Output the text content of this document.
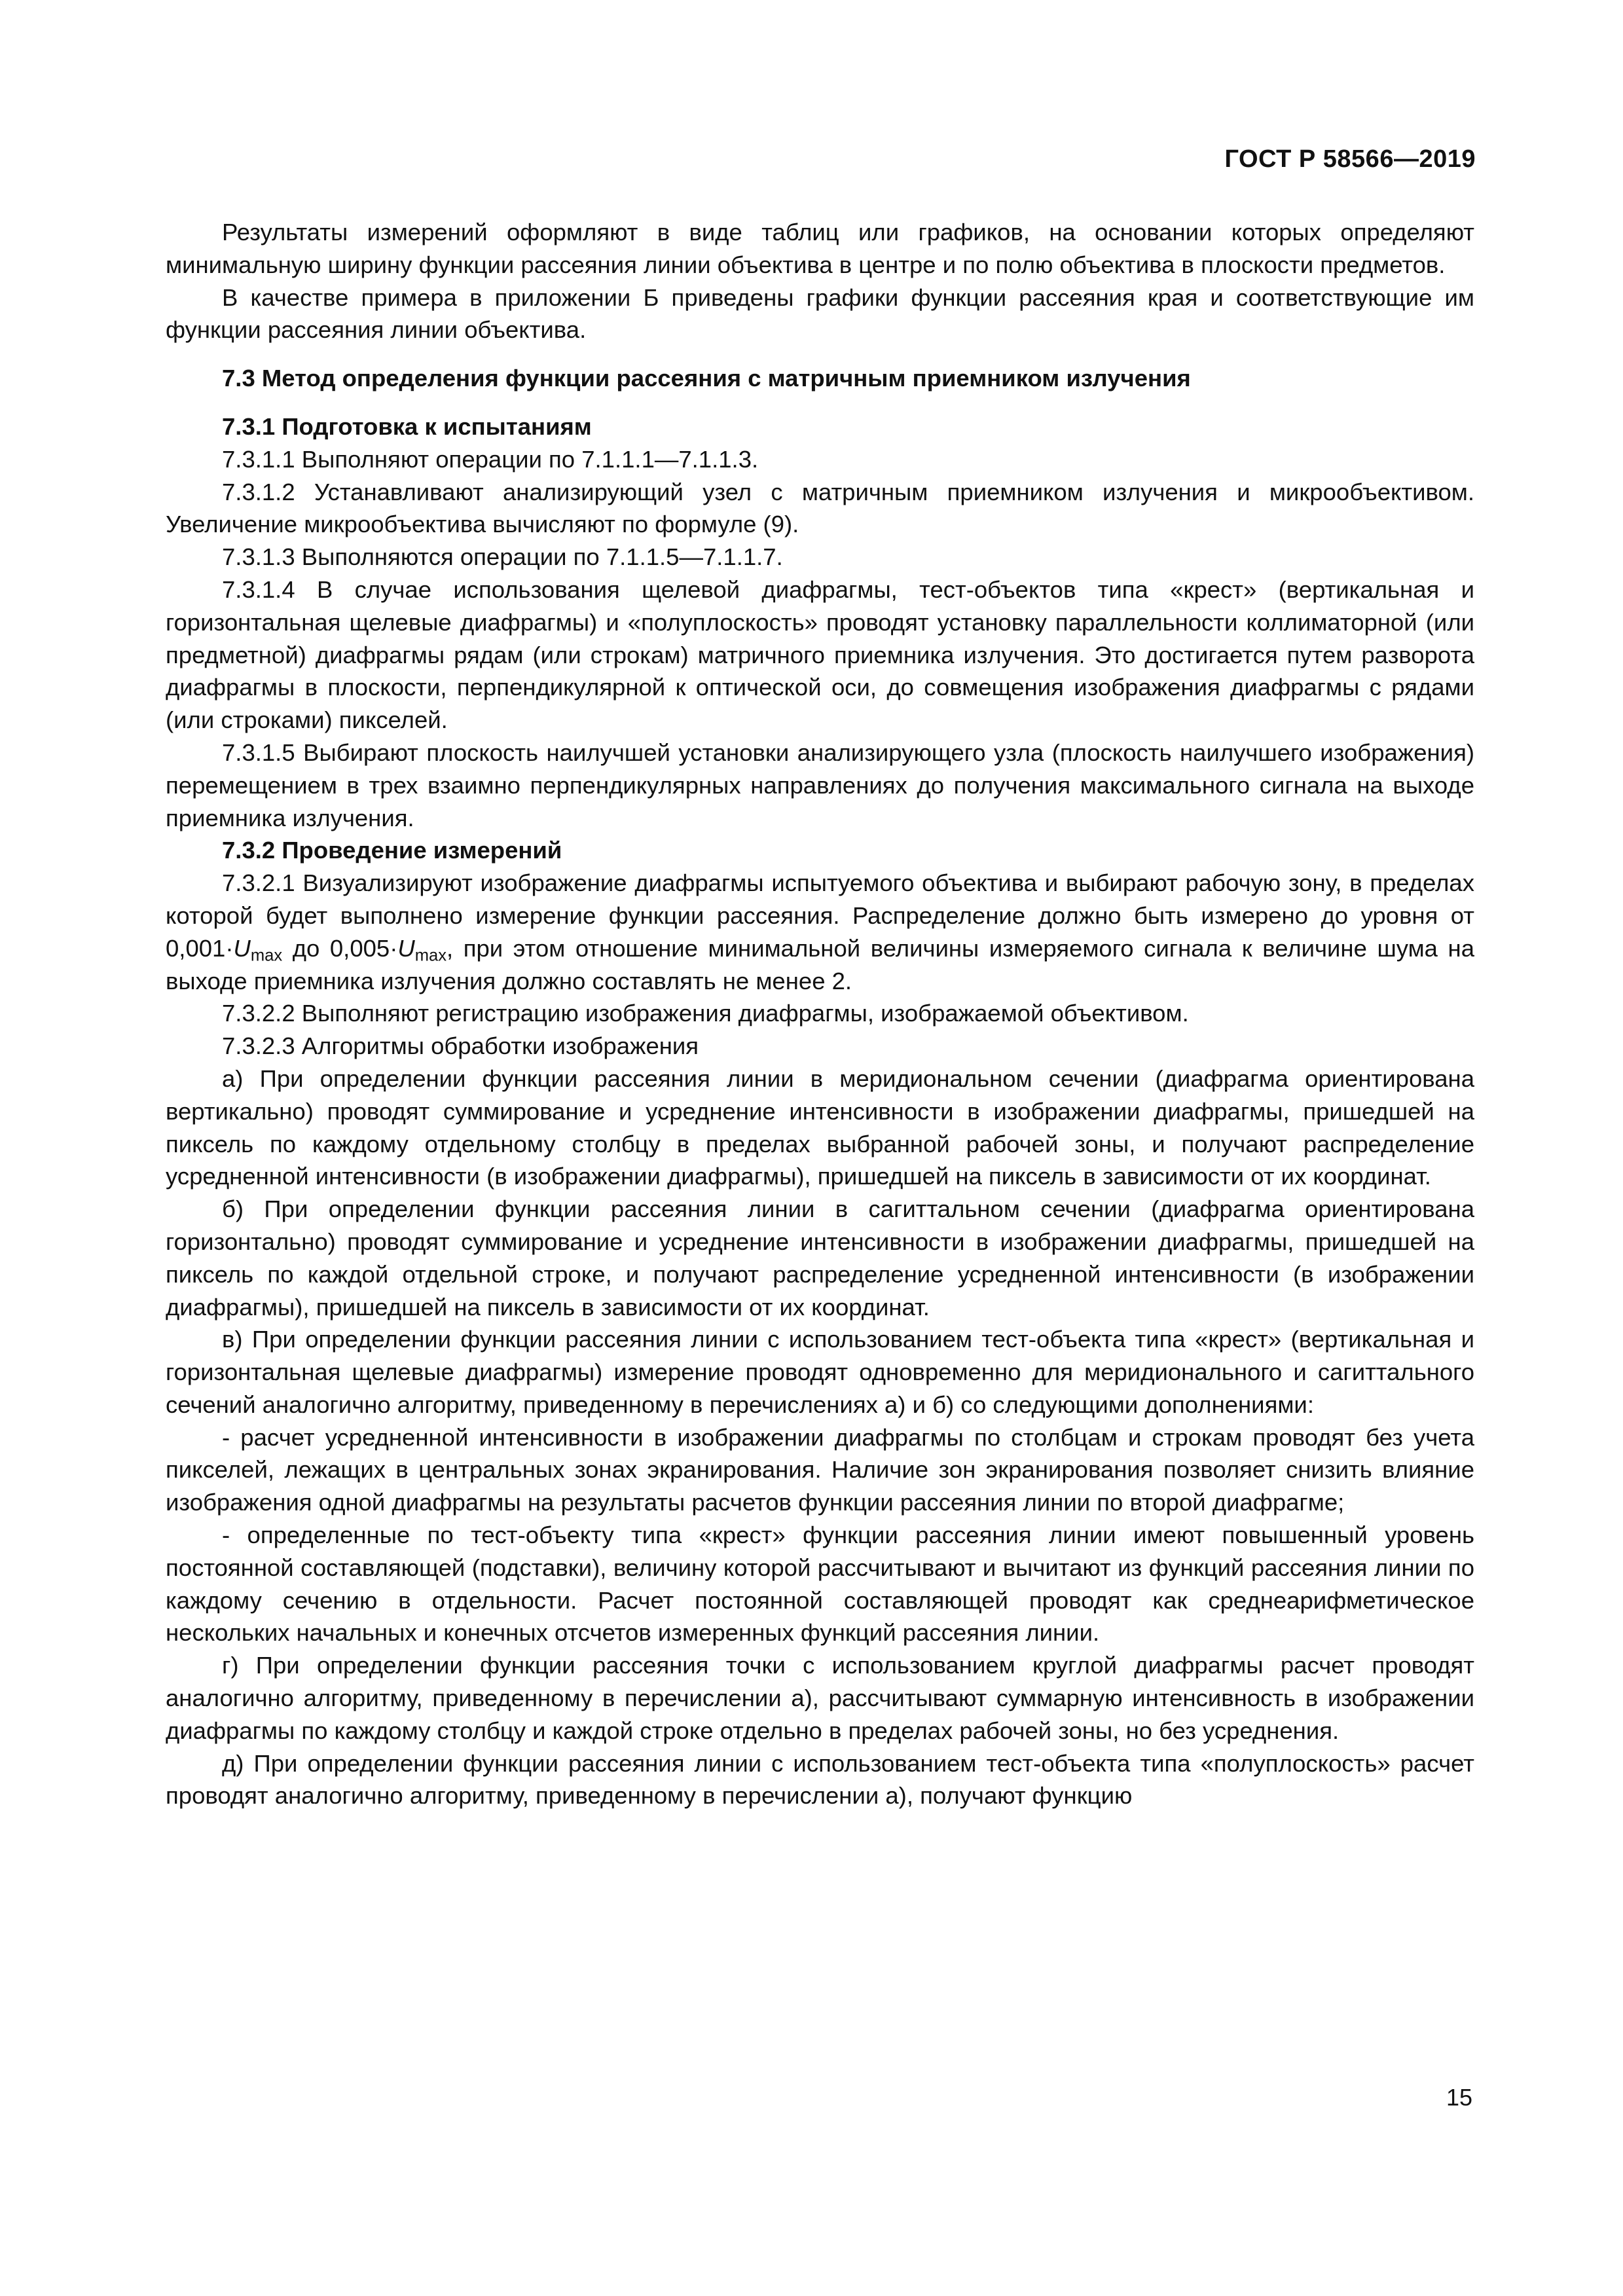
ГОСТ Р 58566—2019

Результаты измерений оформляют в виде таблиц или графиков, на основании которых определяют минимальную ширину функции рассеяния линии объектива в центре и по полю объектива в плоскости предметов.

В качестве примера в приложении Б приведены графики функции рассеяния края и соответствующие им функции рассеяния линии объектива.

7.3 Метод определения функции рассеяния с матричным приемником излучения

7.3.1 Подготовка к испытаниям

7.3.1.1 Выполняют операции по 7.1.1.1—7.1.1.3.

7.3.1.2 Устанавливают анализирующий узел с матричным приемником излучения и микрообъективом. Увеличение микрообъектива вычисляют по формуле (9).

7.3.1.3 Выполняются операции по 7.1.1.5—7.1.1.7.

7.3.1.4 В случае использования щелевой диафрагмы, тест-объектов типа «крест» (вертикальная и горизонтальная щелевые диафрагмы) и «полуплоскость» проводят установку параллельности коллиматорной (или предметной) диафрагмы рядам (или строкам) матричного приемника излучения. Это достигается путем разворота диафрагмы в плоскости, перпендикулярной к оптической оси, до совмещения изображения диафрагмы с рядами (или строками) пикселей.

7.3.1.5 Выбирают плоскость наилучшей установки анализирующего узла (плоскость наилучшего изображения) перемещением в трех взаимно перпендикулярных направлениях до получения максимального сигнала на выходе приемника излучения.

7.3.2 Проведение измерений

7.3.2.1 Визуализируют изображение диафрагмы испытуемого объектива и выбирают рабочую зону, в пределах которой будет выполнено измерение функции рассеяния. Распределение должно быть измерено до уровня от $0,001\cdot U_{max}$ до $0,005\cdot U_{max}$, при этом отношение минимальной величины измеряемого сигнала к величине шума на выходе приемника излучения должно составлять не менее 2.

7.3.2.2 Выполняют регистрацию изображения диафрагмы, изображаемой объективом.

7.3.2.3 Алгоритмы обработки изображения

а) При определении функции рассеяния линии в меридиональном сечении (диафрагма ориентирована вертикально) проводят суммирование и усреднение интенсивности в изображении диафрагмы, пришедшей на пиксель по каждому отдельному столбцу в пределах выбранной рабочей зоны, и получают распределение усредненной интенсивности (в изображении диафрагмы), пришедшей на пиксель в зависимости от их координат.

б) При определении функции рассеяния линии в сагиттальном сечении (диафрагма ориентирована горизонтально) проводят суммирование и усреднение интенсивности в изображении диафрагмы, пришедшей на пиксель по каждой отдельной строке, и получают распределение усредненной интенсивности (в изображении диафрагмы), пришедшей на пиксель в зависимости от их координат.

в) При определении функции рассеяния линии с использованием тест-объекта типа «крест» (вертикальная и горизонтальная щелевые диафрагмы) измерение проводят одновременно для меридионального и сагиттального сечений аналогично алгоритму, приведенному в перечислениях а) и б) со следующими дополнениями:

- расчет усредненной интенсивности в изображении диафрагмы по столбцам и строкам проводят без учета пикселей, лежащих в центральных зонах экранирования. Наличие зон экранирования позволяет снизить влияние изображения одной диафрагмы на результаты расчетов функции рассеяния линии по второй диафрагме;

- определенные по тест-объекту типа «крест» функции рассеяния линии имеют повышенный уровень постоянной составляющей (подставки), величину которой рассчитывают и вычитают из функций рассеяния линии по каждому сечению в отдельности. Расчет постоянной составляющей проводят как среднеарифметическое нескольких начальных и конечных отсчетов измеренных функций рассеяния линии.

г) При определении функции рассеяния точки с использованием круглой диафрагмы расчет проводят аналогично алгоритму, приведенному в перечислении а), рассчитывают суммарную интенсивность в изображении диафрагмы по каждому столбцу и каждой строке отдельно в пределах рабочей зоны, но без усреднения.

д) При определении функции рассеяния линии с использованием тест-объекта типа «полуплоскость» расчет проводят аналогично алгоритму, приведенному в перечислении а), получают функцию

15
